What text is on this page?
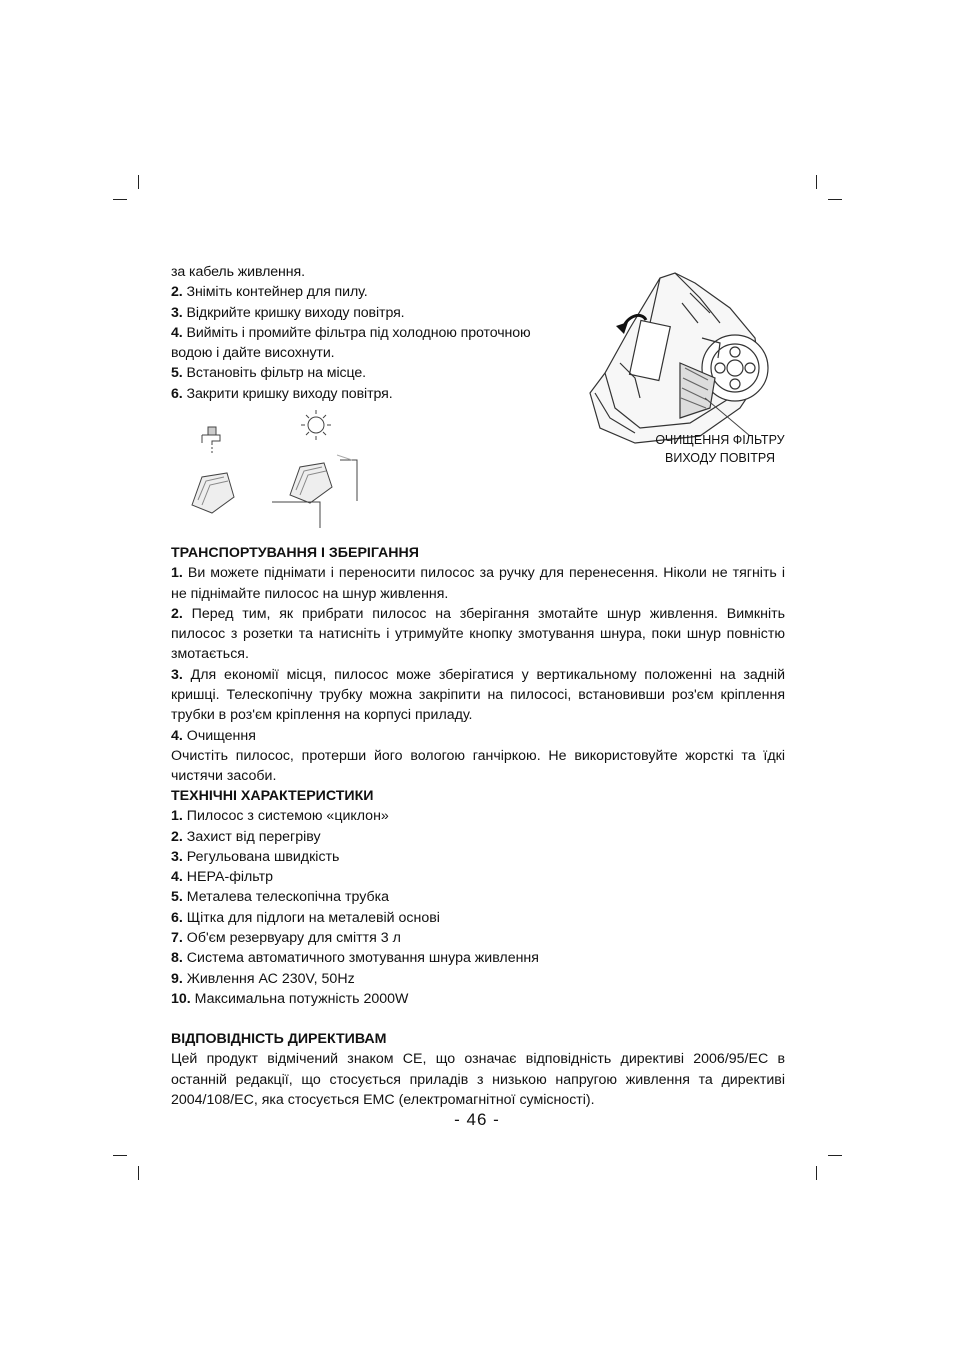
за кабель живлення.

2. Зніміть контейнер для пилу.

3. Відкрийте кришку виходу повітря.

4. Вийміть і промийте фільтра під холодною проточною водою і дайте висохнути.

5. Встановіть фільтр на місце.

6. Закрити кришку виходу повітря.

ОЧИЩЕННЯ ФІЛЬТРУ
ВИХОДУ ПОВІТРЯ
ТРАНСПОРТУВАННЯ І ЗБЕРІГАННЯ

1. Ви можете піднімати і переносити пилосос за ручку для перенесення. Ніколи не тягніть і не піднімайте пилосос на шнур живлення.

2. Перед тим, як прибрати пилосос на зберігання змотайте шнур живлення. Вимкніть пилосос з розетки та натисніть і утримуйте кнопку змотування шнура, поки шнур повністю змотається.

3. Для економії місця, пилосос може зберігатися у вертикальному положенні на задній кришці. Телескопічну трубку можна закріпити на пилососі, встановивши роз'єм кріплення трубки в роз'єм кріплення на корпусі приладу.

4. Очищення

Очистіть пилосос, протерши його вологою ганчіркою. Не використовуйте жорсткі та їдкі чистячи засоби.

ТЕХНІЧНІ ХАРАКТЕРИСТИКИ

1. Пилосос з системою «циклон»

2. Захист від перегріву

3. Регульована швидкість

4. НЕРА-фільтр

5. Металева телескопічна трубка

6. Щітка для підлоги на металевій основі

7. Об'єм резервуару для сміття 3 л

8. Система автоматичного змотування шнура живлення

9. Живлення АС 230V, 50Hz

10. Максимальна потужність 2000W

ВІДПОВІДНІСТЬ ДИРЕКТИВАМ

Цей продукт відмічений знаком СЕ, що означає відповідність директиві 2006/95/ЕС в останній редакції, що стосується приладів з низькою напругою живлення та директиві 2004/108/ЕС, яка стосується ЕМС (електромагнітної сумісності).

- 46 -
